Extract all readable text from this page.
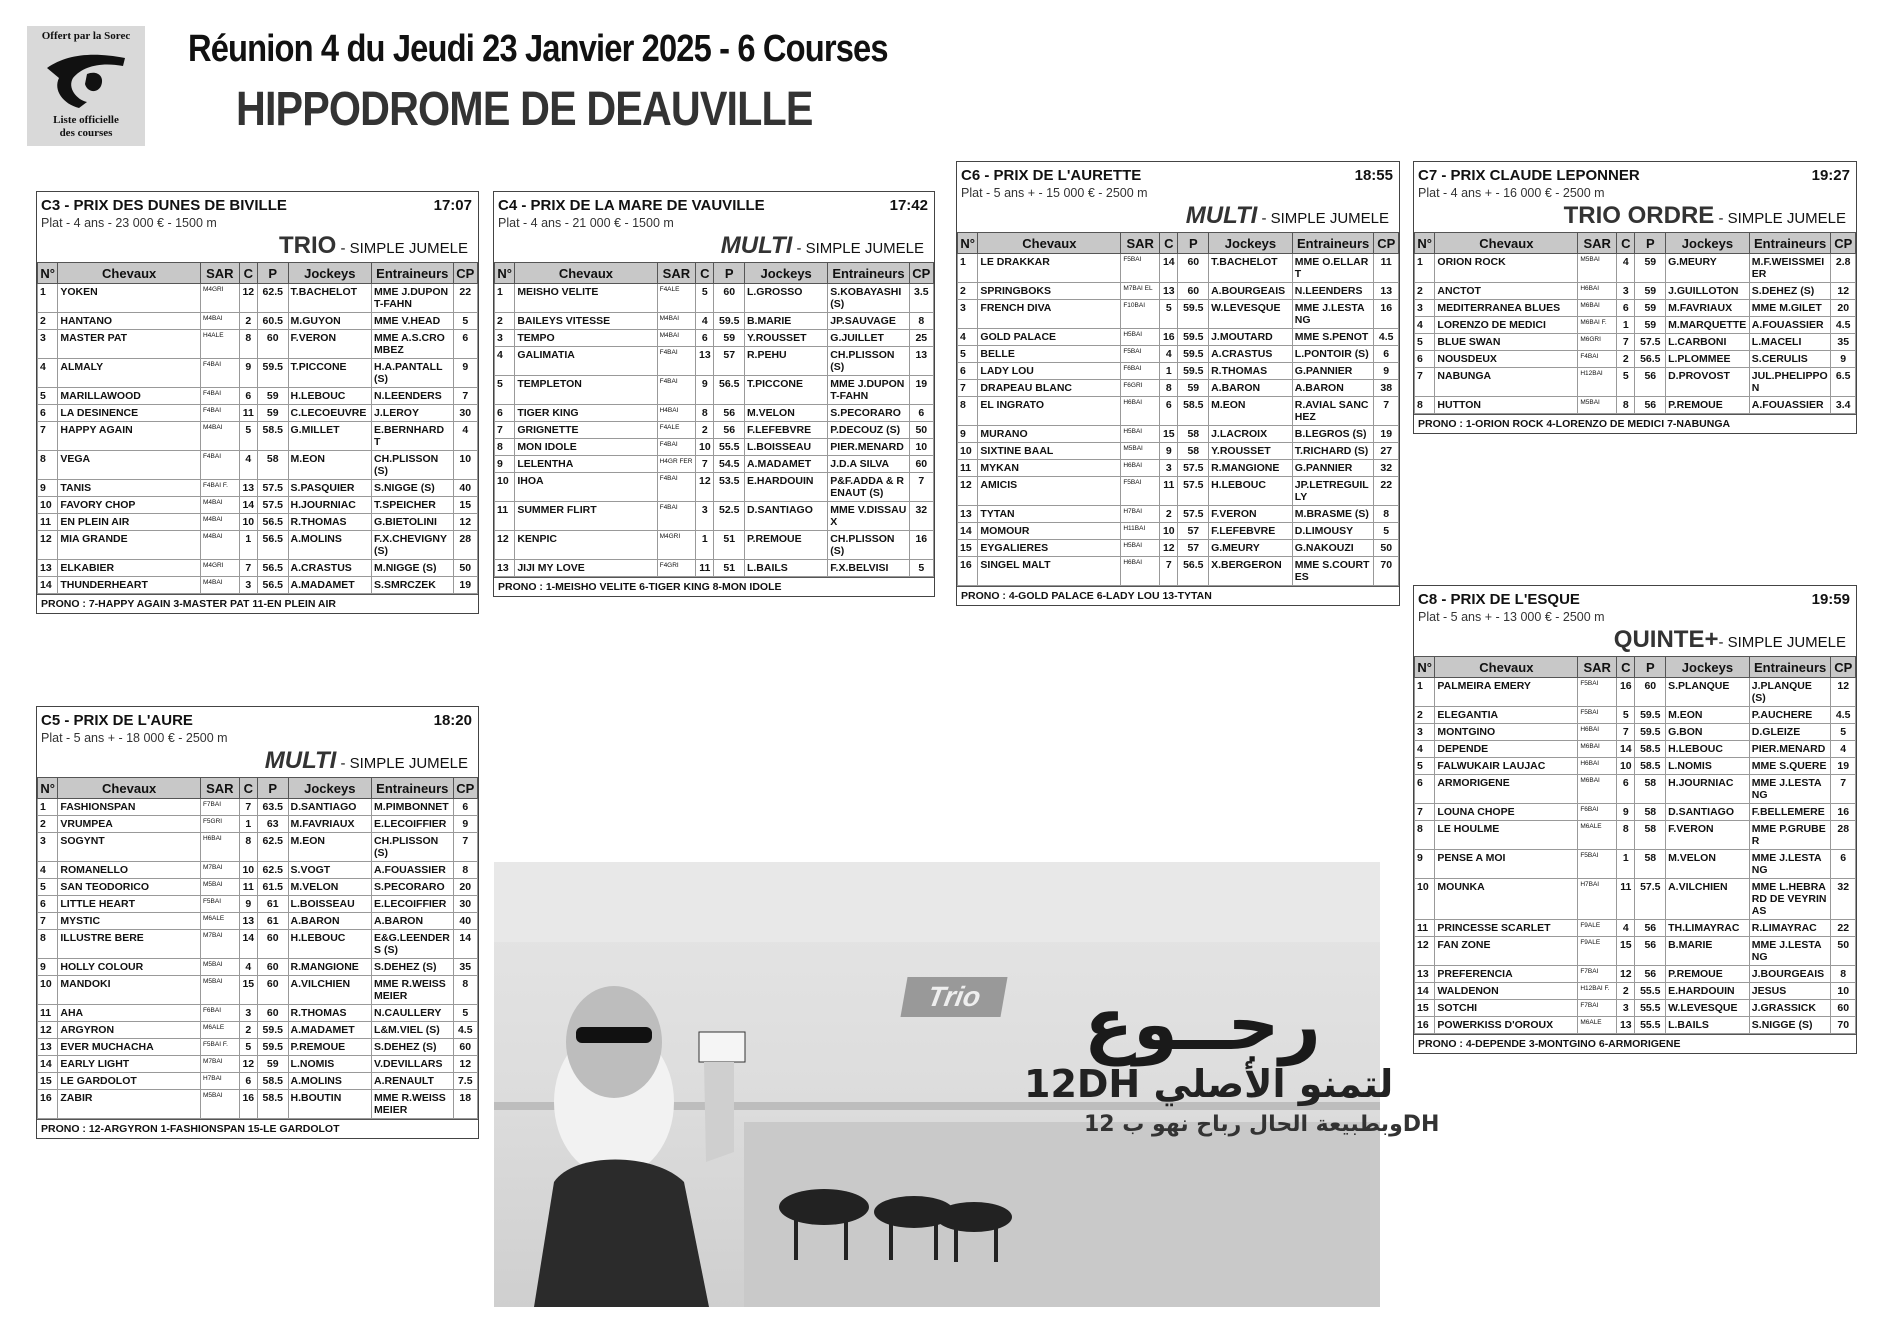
Offert par la Sorec
Liste officielle
des courses
Réunion 4 du Jeudi 23 Janvier 2025 - 6 Courses
HIPPODROME DE DEAUVILLE
C3 - PRIX DES DUNES DE BIVILLE	17:07
Plat - 4 ans - 23 000 € - 1500 m
TRIO - SIMPLE JUMELE
N°	Chevaux	SAR	C	P	Jockeys	Entraineurs	CP
1	YOKEN	M4GRI	12	62.5	T.BACHELOT	MME J.DUPONT-FAHN	22
2	HANTANO	M4BAI	2	60.5	M.GUYON	MME V.HEAD	5
3	MASTER PAT	H4ALE	8	60	F.VERON	MME A.S.CROMBEZ	6
4	ALMALY	F4BAI	9	59.5	T.PICCONE	H.A.PANTALL (S)	9
5	MARILLAWOOD	F4BAI	6	59	H.LEBOUC	N.LEENDERS	7
6	LA DESINENCE	F4BAI	11	59	C.LECOEUVRE	J.LEROY	30
7	HAPPY AGAIN	M4BAI	5	58.5	G.MILLET	E.BERNHARD T	4
8	VEGA	F4BAI	4	58	M.EON	CH.PLISSON (S)	10
9	TANIS	F4BAI F.	13	57.5	S.PASQUIER	S.NIGGE (S)	40
10	FAVORY CHOP	M4BAI	14	57.5	H.JOURNIAC	T.SPEICHER	15
11	EN PLEIN AIR	M4BAI	10	56.5	R.THOMAS	G.BIETOLINI	12
12	MIA GRANDE	M4BAI	1	56.5	A.MOLINS	F.X.CHEVIGNY (S)	28
13	ELKABIER	M4GRI	7	56.5	A.CRASTUS	M.NIGGE (S)	50
14	THUNDERHEART	M4BAI	3	56.5	A.MADAMET	S.SMRCZEK	19
PRONO : 7-HAPPY AGAIN 3-MASTER PAT 11-EN PLEIN AIR
C4 - PRIX DE LA MARE DE VAUVILLE	17:42
Plat - 4 ans - 21 000 € - 1500 m
MULTI - SIMPLE JUMELE
N°	Chevaux	SAR	C	P	Jockeys	Entraineurs	CP
1	MEISHO VELITE	F4ALE	5	60	L.GROSSO	S.KOBAYASHI (S)	3.5
2	BAILEYS VITESSE	M4BAI	4	59.5	B.MARIE	JP.SAUVAGE	8
3	TEMPO	M4BAI	6	59	Y.ROUSSET	G.JUILLET	25
4	GALIMATIA	F4BAI	13	57	R.PEHU	CH.PLISSON (S)	13
5	TEMPLETON	F4BAI	9	56.5	T.PICCONE	MME J.DUPONT-FAHN	19
6	TIGER KING	H4BAI	8	56	M.VELON	S.PECORARO	6
7	GRIGNETTE	F4ALE	2	56	F.LEFEBVRE	P.DECOUZ (S)	50
8	MON IDOLE	F4BAI	10	55.5	L.BOISSEAU	PIER.MENARD	10
9	LELENTHA	H4GR FER	7	54.5	A.MADAMET	J.D.A SILVA	60
10	IHOA	F4BAI	12	53.5	E.HARDOUIN	P&F.ADDA & RENAUT (S)	7
11	SUMMER FLIRT	F4BAI	3	52.5	D.SANTIAGO	MME V.DISSAUX	32
12	KENPIC	M4GRI	1	51	P.REMOUE	CH.PLISSON (S)	16
13	JIJI MY LOVE	F4GRI	11	51	L.BAILS	F.X.BELVISI	5
PRONO : 1-MEISHO VELITE 6-TIGER KING 8-MON IDOLE
C5 - PRIX DE L'AURE	18:20
Plat - 5 ans + - 18 000 € - 2500 m
MULTI - SIMPLE JUMELE
N°	Chevaux	SAR	C	P	Jockeys	Entraineurs	CP
1	FASHIONSPAN	F7BAI	7	63.5	D.SANTIAGO	M.PIMBONNET	6
2	VRUMPEA	F5GRI	1	63	M.FAVRIAUX	E.LECOIFFIER	9
3	SOGYNT	H6BAI	8	62.5	M.EON	CH.PLISSON (S)	7
4	ROMANELLO	M7BAI	10	62.5	S.VOGT	A.FOUASSIER	8
5	SAN TEODORICO	M5BAI	11	61.5	M.VELON	S.PECORARO	20
6	LITTLE HEART	F5BAI	9	61	L.BOISSEAU	E.LECOIFFIER	30
7	MYSTIC	M6ALE	13	61	A.BARON	A.BARON	40
8	ILLUSTRE BERE	M7BAI	14	60	H.LEBOUC	E&G.LEENDERS (S)	14
9	HOLLY COLOUR	M5BAI	4	60	R.MANGIONE	S.DEHEZ (S)	35
10	MANDOKI	M5BAI	15	60	A.VILCHIEN	MME R.WEISSMEIER	8
11	AHA	F6BAI	3	60	R.THOMAS	N.CAULLERY	5
12	ARGYRON	M6ALE	2	59.5	A.MADAMET	L&M.VIEL (S)	4.5
13	EVER MUCHACHA	F5BAI F.	5	59.5	P.REMOUE	S.DEHEZ (S)	60
14	EARLY LIGHT	M7BAI	12	59	L.NOMIS	V.DEVILLARS	12
15	LE GARDOLOT	H7BAI	6	58.5	A.MOLINS	A.RENAULT	7.5
16	ZABIR	M5BAI	16	58.5	H.BOUTIN	MME R.WEISSMEIER	18
PRONO : 12-ARGYRON 1-FASHIONSPAN 15-LE GARDOLOT
C6 - PRIX DE L'AURETTE	18:55
Plat - 5 ans + - 15 000 € - 2500 m
MULTI - SIMPLE JUMELE
N°	Chevaux	SAR	C	P	Jockeys	Entraineurs	CP
1	LE DRAKKAR	F5BAI	14	60	T.BACHELOT	MME O.ELLART	11
2	SPRINGBOKS	M7BAI EL	13	60	A.BOURGEAIS	N.LEENDERS	13
3	FRENCH DIVA	F10BAI	5	59.5	W.LEVESQUE	MME J.LESTANG	16
4	GOLD PALACE	H5BAI	16	59.5	J.MOUTARD	MME S.PENOT	4.5
5	BELLE	F5BAI	4	59.5	A.CRASTUS	L.PONTOIR (S)	6
6	LADY LOU	F6BAI	1	59.5	R.THOMAS	G.PANNIER	9
7	DRAPEAU BLANC	F6GRI	8	59	A.BARON	A.BARON	38
8	EL INGRATO	H6BAI	6	58.5	M.EON	R.AVIAL SANCHEZ	7
9	MURANO	H5BAI	15	58	J.LACROIX	B.LEGROS (S)	19
10	SIXTINE BAAL	M5BAI	9	58	Y.ROUSSET	T.RICHARD (S)	27
11	MYKAN	H6BAI	3	57.5	R.MANGIONE	G.PANNIER	32
12	AMICIS	F5BAI	11	57.5	H.LEBOUC	JP.LETREGUILLY	22
13	TYTAN	H7BAI	2	57.5	F.VERON	M.BRASME (S)	8
14	MOMOUR	H11BAI	10	57	F.LEFEBVRE	D.LIMOUSY	5
15	EYGALIERES	H5BAI	12	57	G.MEURY	G.NAKOUZI	50
16	SINGEL MALT	H6BAI	7	56.5	X.BERGERON	MME S.COURTES	70
PRONO : 4-GOLD PALACE 6-LADY LOU 13-TYTAN
C7 - PRIX CLAUDE LEPONNER	19:27
Plat - 4 ans + - 16 000 € - 2500 m
TRIO ORDRE - SIMPLE JUMELE
N°	Chevaux	SAR	C	P	Jockeys	Entraineurs	CP
1	ORION ROCK	M5BAI	4	59	G.MEURY	M.F.WEISSMEIER	2.8
2	ANCTOT	H6BAI	3	59	J.GUILLOTON	S.DEHEZ (S)	12
3	MEDITERRANEA BLUES	M6BAI	6	59	M.FAVRIAUX	MME M.GILET	20
4	LORENZO DE MEDICI	M6BAI F.	1	59	M.MARQUETTE	A.FOUASSIER	4.5
5	BLUE SWAN	M6GRI	7	57.5	L.CARBONI	L.MACELI	35
6	NOUSDEUX	F4BAI	2	56.5	L.PLOMMEE	S.CERULIS	9
7	NABUNGA	H12BAI	5	56	D.PROVOST	JUL.PHELIPPON	6.5
8	HUTTON	M5BAI	8	56	P.REMOUE	A.FOUASSIER	3.4
PRONO : 1-ORION ROCK 4-LORENZO DE MEDICI 7-NABUNGA
C8 - PRIX DE L'ESQUE	19:59
Plat - 5 ans + - 13 000 € - 2500 m
QUINTE+- SIMPLE JUMELE
N°	Chevaux	SAR	C	P	Jockeys	Entraineurs	CP
1	PALMEIRA EMERY	F5BAI	16	60	S.PLANQUE	J.PLANQUE (S)	12
2	ELEGANTIA	F5BAI	5	59.5	M.EON	P.AUCHERE	4.5
3	MONTGINO	H6BAI	7	59.5	G.BON	D.GLEIZE	5
4	DEPENDE	M6BAI	14	58.5	H.LEBOUC	PIER.MENARD	4
5	FALWUKAIR LAUJAC	H6BAI	10	58.5	L.NOMIS	MME S.QUERE	19
6	ARMORIGENE	M6BAI	6	58	H.JOURNIAC	MME J.LESTANG	7
7	LOUNA CHOPE	F6BAI	9	58	D.SANTIAGO	F.BELLEMERE	16
8	LE HOULME	M6ALE	8	58	F.VERON	MME P.GRUBER	28
9	PENSE A MOI	F5BAI	1	58	M.VELON	MME J.LESTANG	6
10	MOUNKA	H7BAI	11	57.5	A.VILCHIEN	MME L.HEBRARD DE VEYRINAS	32
11	PRINCESSE SCARLET	F9ALE	4	56	TH.LIMAYRAC	R.LIMAYRAC	22
12	FAN ZONE	F9ALE	15	56	B.MARIE	MME J.LESTANG	50
13	PREFERENCIA	F7BAI	12	56	P.REMOUE	J.BOURGEAIS	8
14	WALDENON	H12BAI F.	2	55.5	E.HARDOUIN	JESUS	10
15	SOTCHI	F7BAI	3	55.5	W.LEVESQUE	J.GRASSICK	60
16	POWERKISS D'OROUX	M6ALE	13	55.5	L.BAILS	S.NIGGE (S)	70
PRONO : 4-DEPENDE 3-MONTGINO 6-ARMORIGENE
Trio	رجــوع
12DH لتمنو الأصلي
وبطبيعة الحال رباح نهو ب 12DH
